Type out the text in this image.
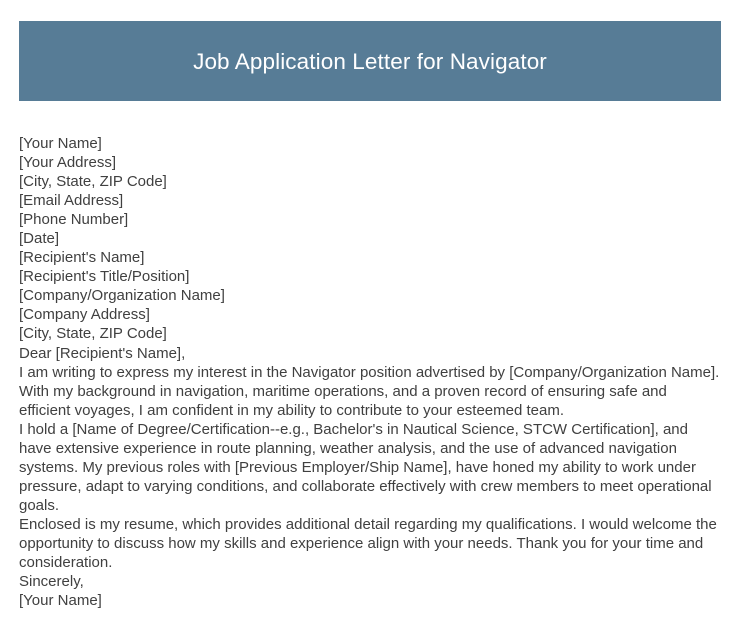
Job Application Letter for Navigator

[Your Name]

[Your Address]

[City, State, ZIP Code]

[Email Address]

[Phone Number]

[Date]

[Recipient's Name]

[Recipient's Title/Position]

[Company/Organization Name]

[Company Address]

[City, State, ZIP Code]

Dear [Recipient's Name],

I am writing to express my interest in the Navigator position advertised by [Company/Organization Name]. With my background in navigation, maritime operations, and a proven record of ensuring safe and efficient voyages, I am confident in my ability to contribute to your esteemed team.

I hold a [Name of Degree/Certification--e.g., Bachelor's in Nautical Science, STCW Certification], and have extensive experience in route planning, weather analysis, and the use of advanced navigation systems. My previous roles with [Previous Employer/Ship Name], have honed my ability to work under pressure, adapt to varying conditions, and collaborate effectively with crew members to meet operational goals.

Enclosed is my resume, which provides additional detail regarding my qualifications. I would welcome the opportunity to discuss how my skills and experience align with your needs. Thank you for your time and consideration.

Sincerely,

[Your Name]
